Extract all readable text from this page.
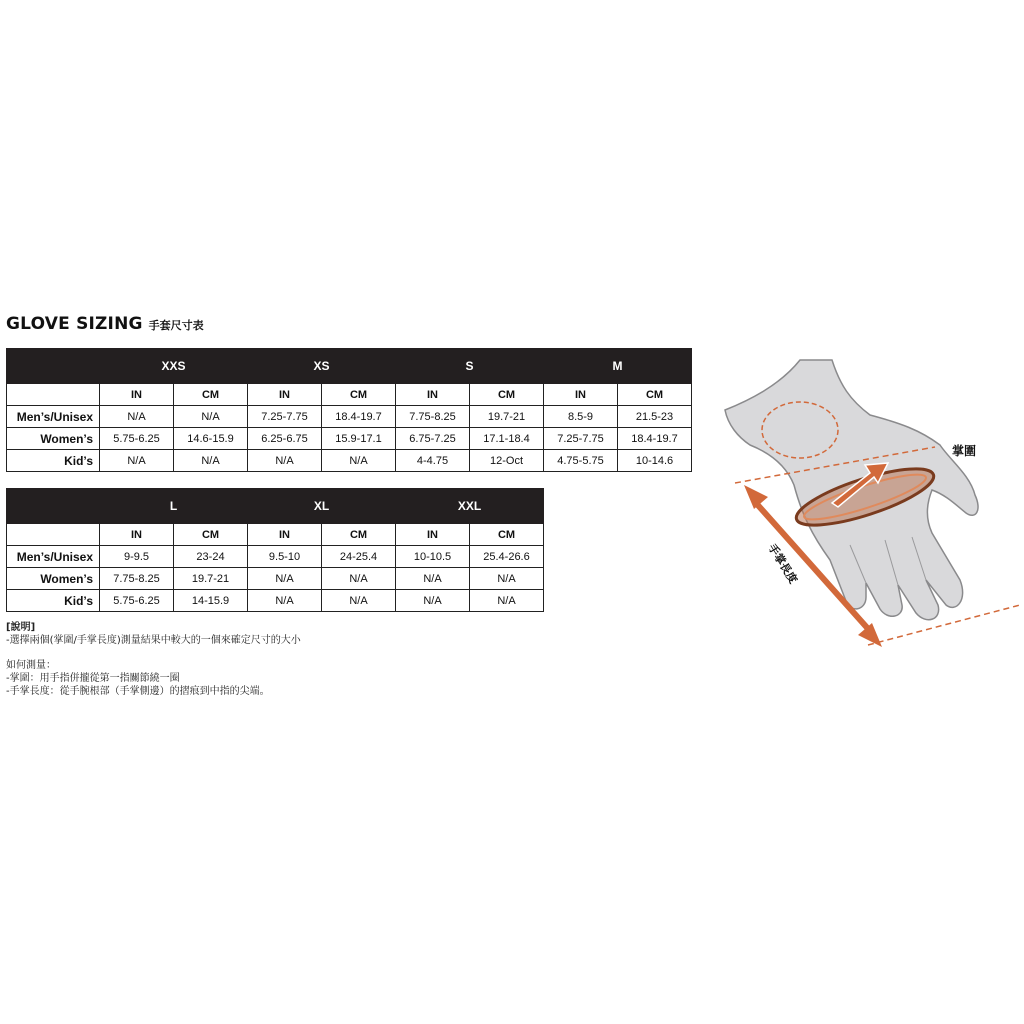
GLOVE SIZING 手套尺寸表
	XXS		XS		S		M	
	IN	CM	IN	CM	IN	CM	IN	CM
Men’s/Unisex	N/A	N/A	7.25-7.75	18.4-19.7	7.75-8.25	19.7-21	8.5-9	21.5-23
Women’s	5.75-6.25	14.6-15.9	6.25-6.75	15.9-17.1	6.75-7.25	17.1-18.4	7.25-7.75	18.4-19.7
Kid’s	N/A	N/A	N/A	N/A	4-4.75	12-Oct	4.75-5.75	10-14.6
	L		XL		XXL	
	IN	CM	IN	CM	IN	CM
Men’s/Unisex	9-9.5	23-24	9.5-10	24-25.4	10-10.5	25.4-26.6
Women’s	7.75-8.25	19.7-21	N/A	N/A	N/A	N/A
Kid’s	5.75-6.25	14-15.9	N/A	N/A	N/A	N/A
[說明]
-選擇兩個(掌圍/手掌長度)測量結果中較大的一個來確定尺寸的大小
如何測量：
-掌圍：用手指併攏從第一指關節繞一圈
-手掌長度：從手腕根部（手掌側邊）的摺痕到中指的尖端。
掌圍
手掌長度
